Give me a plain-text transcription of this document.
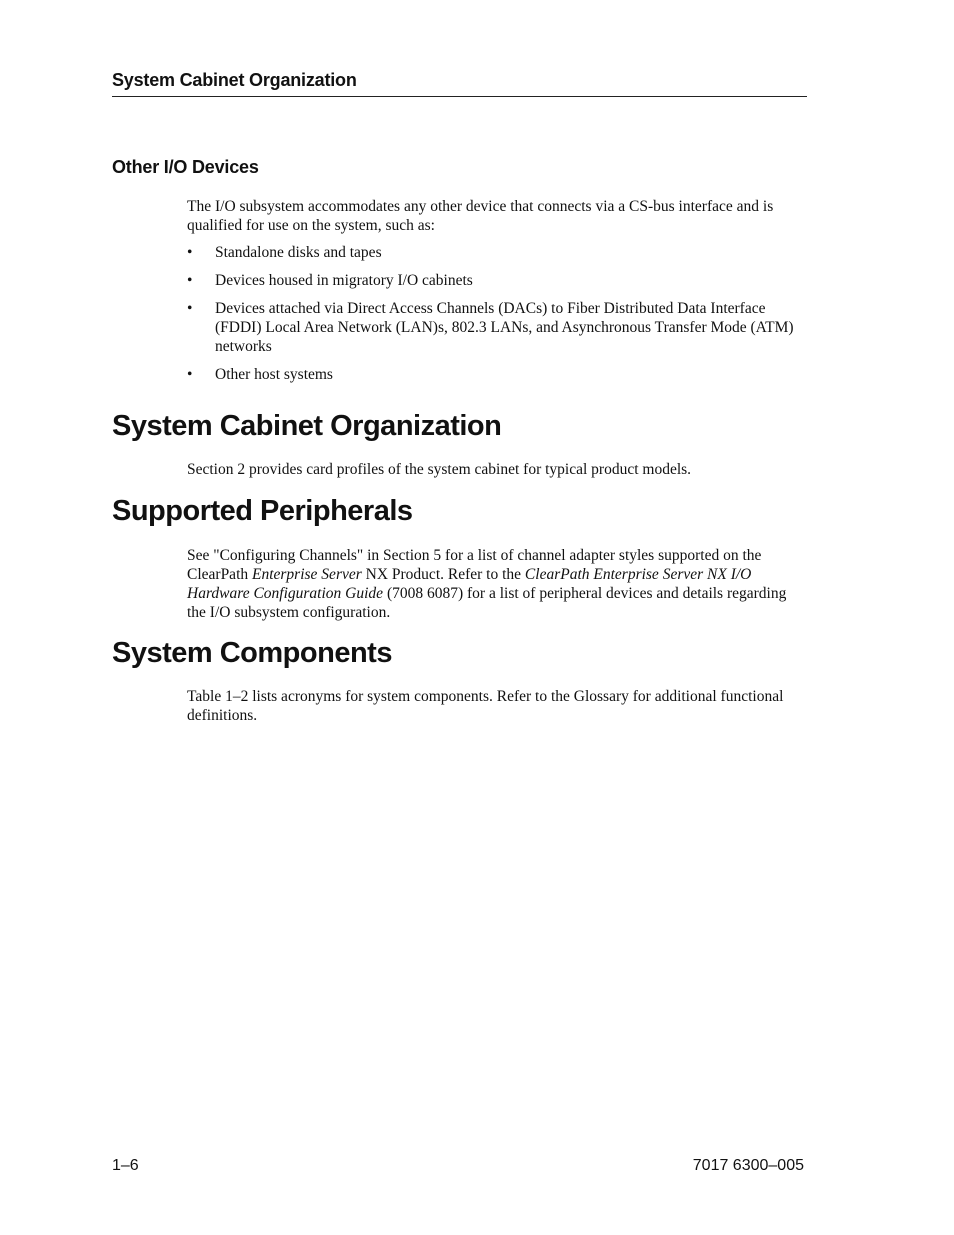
System Cabinet Organization
Other I/O Devices
The I/O subsystem accommodates any other device that connects via a CS-bus interface and is qualified for use on the system, such as:
• Standalone disks and tapes
• Devices housed in migratory I/O cabinets
• Devices attached via Direct Access Channels (DACs) to Fiber Distributed Data Interface (FDDI) Local Area Network (LAN)s, 802.3 LANs, and Asynchronous Transfer Mode (ATM) networks
• Other host systems
System Cabinet Organization
Section 2 provides card profiles of the system cabinet for typical product models.
Supported Peripherals
See "Configuring Channels" in Section 5 for a list of channel adapter styles supported on the ClearPath Enterprise Server NX Product. Refer to the ClearPath Enterprise Server NX I/O Hardware Configuration Guide (7008 6087) for a list of peripheral devices and details regarding the I/O subsystem configuration.
System Components
Table 1–2 lists acronyms for system components. Refer to the Glossary for additional functional definitions.
1–6	7017 6300–005
